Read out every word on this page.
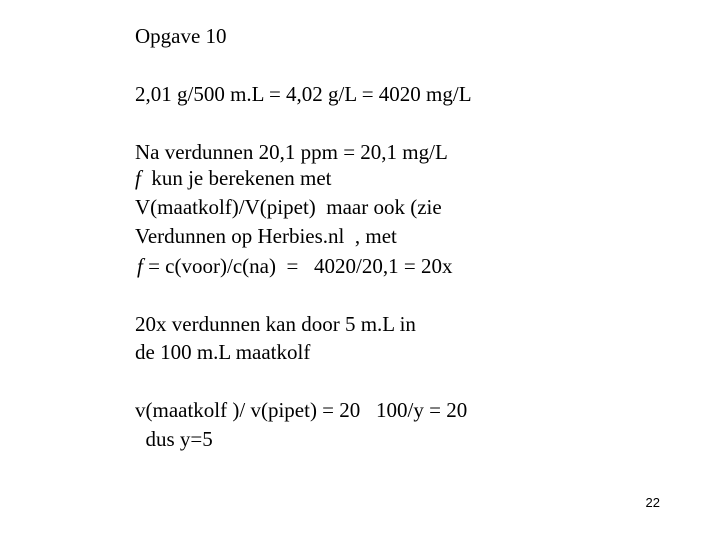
Opgave 10
2,01 g/500 m.L = 4,02 g/L = 4020 mg/L
Na verdunnen 20,1 ppm = 20,1 mg/L
f  kun je berekenen met
V(maatkolf)/V(pipet)  maar ook (zie
Verdunnen op Herbies.nl  , met
f = c(voor)/c(na)  =   4020/20,1 = 20x
20x verdunnen kan door 5 m.L in
de 100 m.L maatkolf
v(maatkolf )/ v(pipet) = 20   100/y = 20
dus y=5
22
